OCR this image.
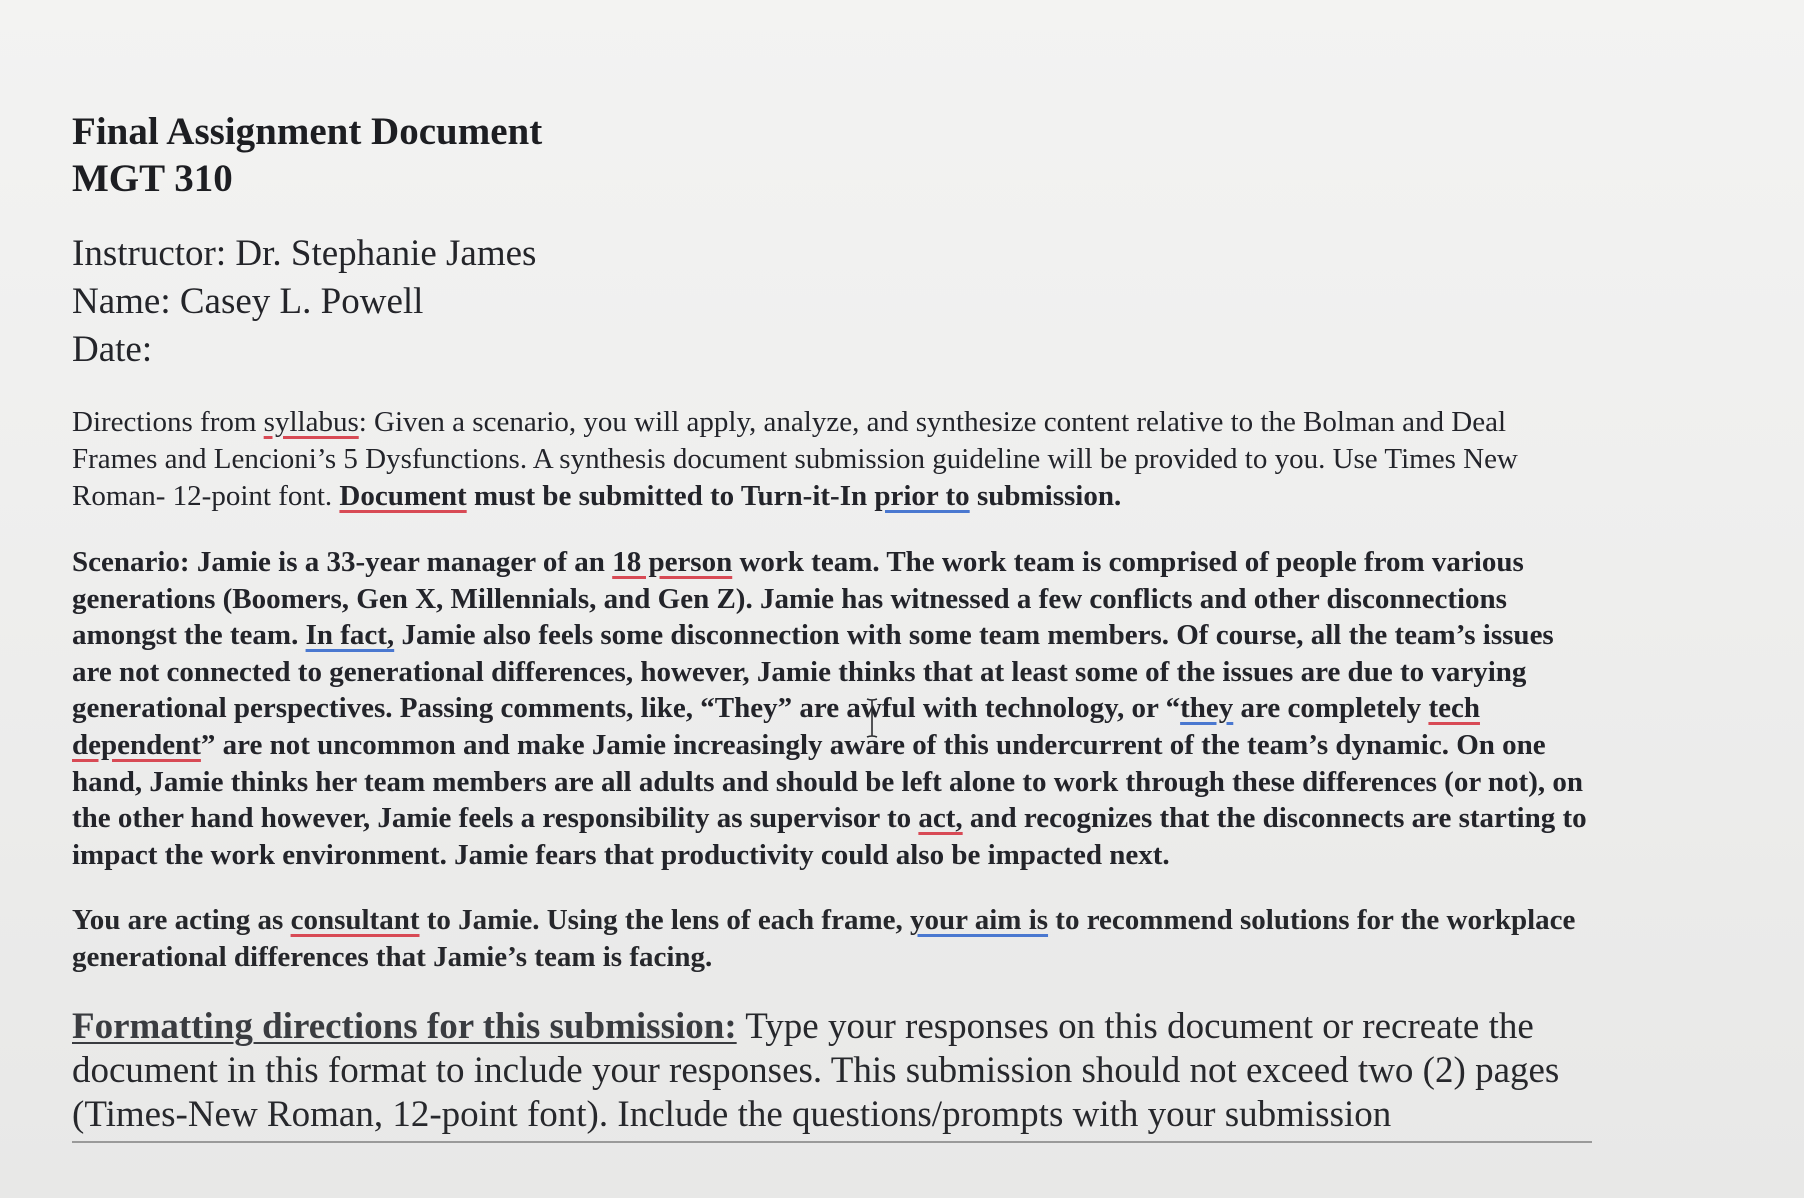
Final Assignment Document

MGT 310

Instructor: Dr. Stephanie James

Name: Casey L. Powell

Date:

Directions from syllabus: Given a scenario, you will apply, analyze, and synthesize content relative to the Bolman and Deal Frames and Lencioni’s 5 Dysfunctions. A synthesis document submission guideline will be provided to you. Use Times New Roman- 12-point font. Document must be submitted to Turn-it-In prior to submission.

Scenario: Jamie is a 33-year manager of an 18 person work team. The work team is comprised of people from various generations (Boomers, Gen X, Millennials, and Gen Z). Jamie has witnessed a few conflicts and other disconnections amongst the team. In fact, Jamie also feels some disconnection with some team members. Of course, all the team’s issues are not connected to generational differences, however, Jamie thinks that at least some of the issues are due to varying generational perspectives. Passing comments, like, “They” are awful with technology, or “they are completely tech dependent” are not uncommon and make Jamie increasingly aware of this undercurrent of the team’s dynamic. On one hand, Jamie thinks her team members are all adults and should be left alone to work through these differences (or not), on the other hand however, Jamie feels a responsibility as supervisor to act, and recognizes that the disconnects are starting to impact the work environment. Jamie fears that productivity could also be impacted next.

You are acting as consultant to Jamie. Using the lens of each frame, your aim is to recommend solutions for the workplace generational differences that Jamie’s team is facing.

Formatting directions for this submission: Type your responses on this document or recreate the document in this format to include your responses. This submission should not exceed two (2) pages (Times-New Roman, 12-point font). Include the questions/prompts with your submission
